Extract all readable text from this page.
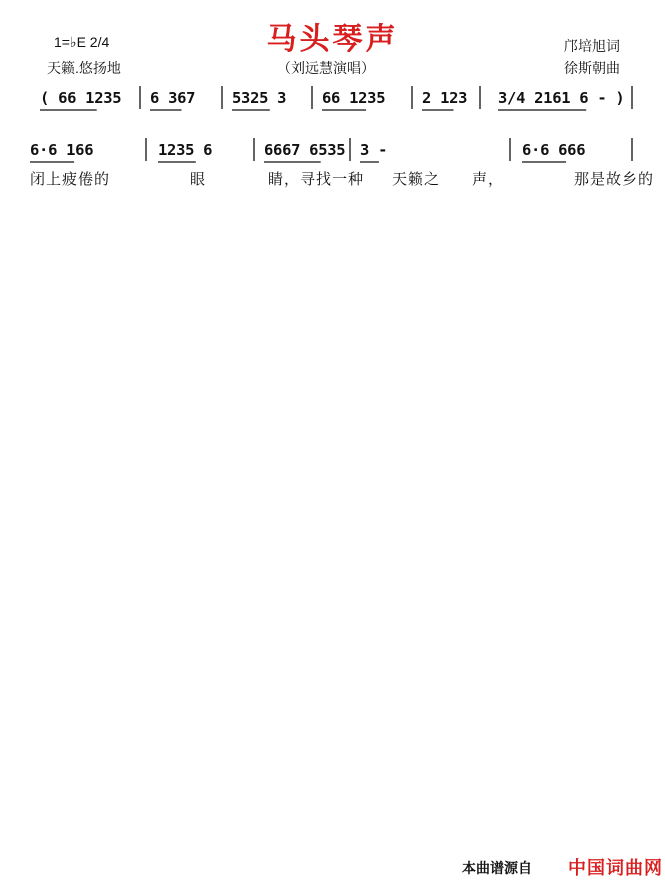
1=♭E 2/4
天籁.悠扬地
马头琴声
（刘远慧演唱）
邝培旭词
徐斯朝曲
( 66 1235 6 367 5325 3 66 1235 2 123 3/4 2161 6 - )
6·6 166	1235 6	6667 6535 3 -	6·6 666
闭上疲倦的	眼	睛，寻找一种 天籁之 声，	那是故乡的
本曲谱源自 中国词曲网
